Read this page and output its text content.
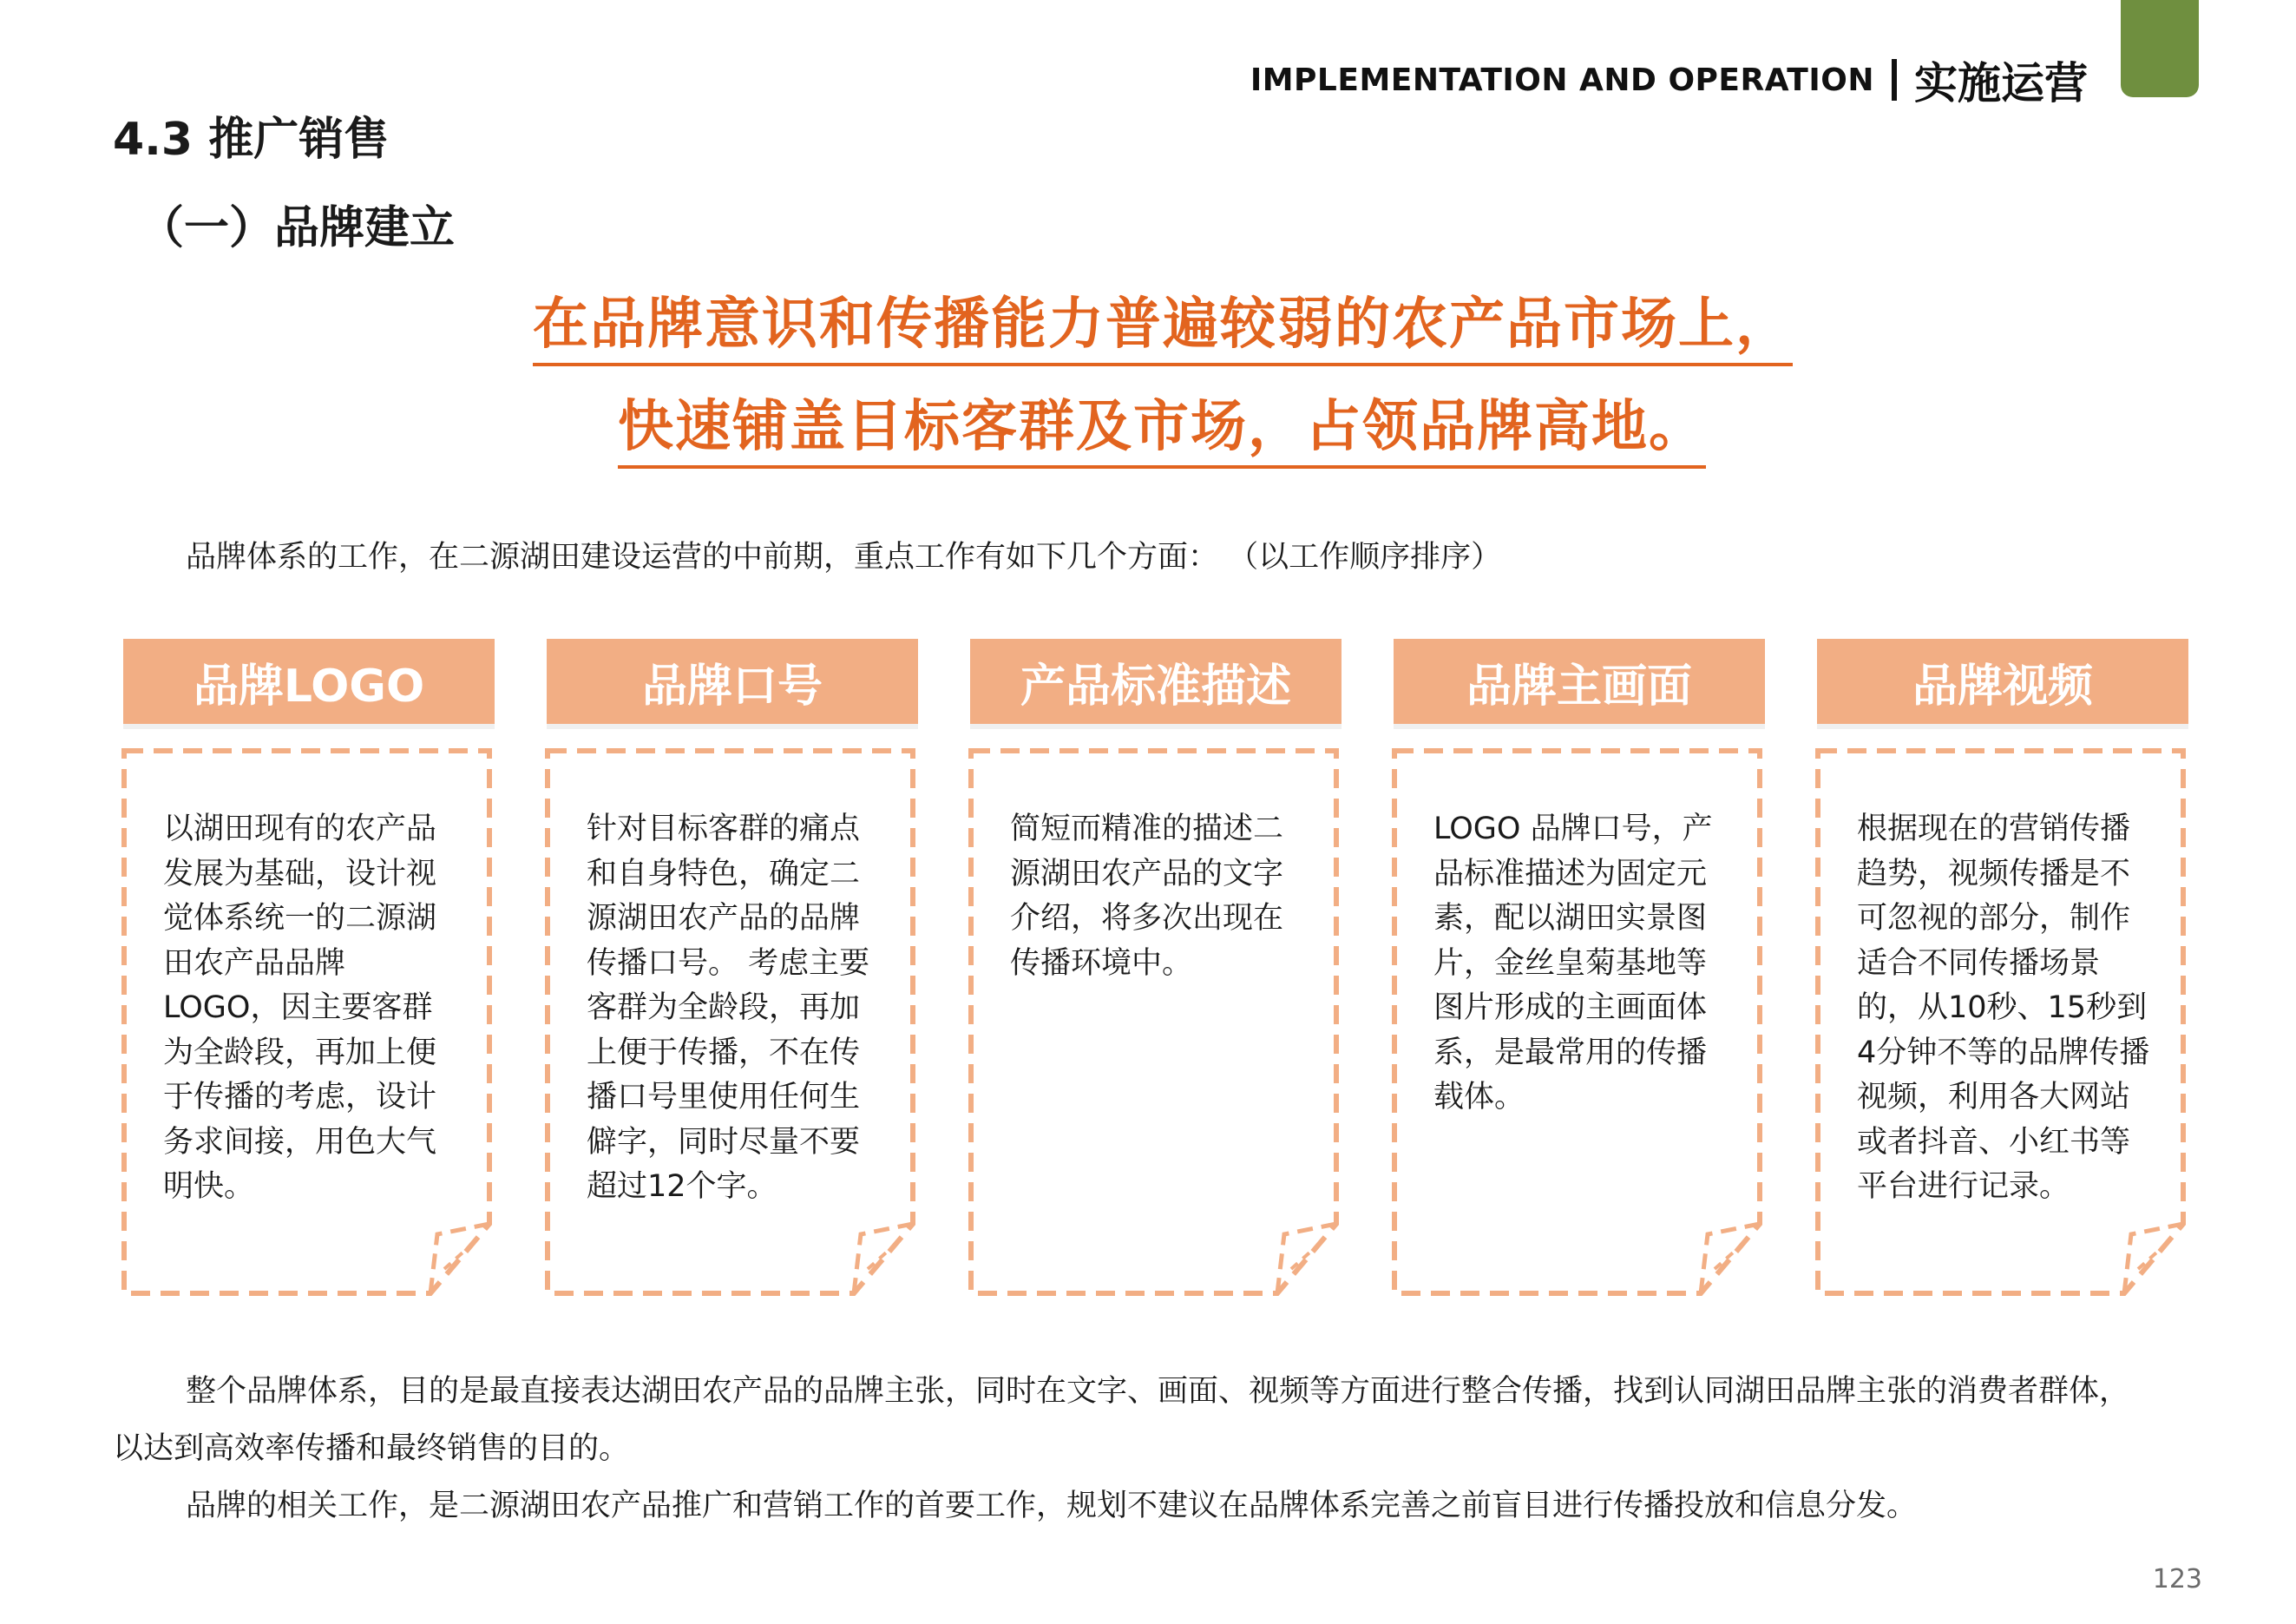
IMPLEMENTATION AND OPERATION 实施运营
4.3 推广销售
（一）品牌建立
在品牌意识和传播能力普遍较弱的农产品市场上，
快速铺盖目标客群及市场，占领品牌高地。
品牌体系的工作，在二源湖田建设运营的中前期，重点工作有如下几个方面： （以工作顺序排序）
品牌LOGO	品牌口号	产品标准描述	品牌主画面	品牌视频
以湖田现有的农产品发展为基础，设计视觉体系统一的二源湖田农产品品牌LOGO，因主要客群为全龄段，再加上便于传播的考虑，设计务求间接，用色大气明快。
针对目标客群的痛点和自身特色，确定二源湖田农产品的品牌传播口号。 考虑主要客群为全龄段，再加上便于传播，不在传播口号里使用任何生僻字，同时尽量不要超过12个字。
简短而精准的描述二源湖田农产品的文字介绍，将多次出现在传播环境中。
LOGO 品牌口号，产品标准描述为固定元素，配以湖田实景图片，金丝皇菊基地等图片形成的主画面体系，是最常用的传播载体。
根据现在的营销传播趋势，视频传播是不可忽视的部分，制作适合不同传播场景的，从10秒、15秒到4分钟不等的品牌传播视频，利用各大网站或者抖音、小红书等平台进行记录。
整个品牌体系，目的是最直接表达湖田农产品的品牌主张，同时在文字、画面、视频等方面进行整合传播，找到认同湖田品牌主张的消费者群体，以达到高效率传播和最终销售的目的。
品牌的相关工作，是二源湖田农产品推广和营销工作的首要工作，规划不建议在品牌体系完善之前盲目进行传播投放和信息分发。
123
